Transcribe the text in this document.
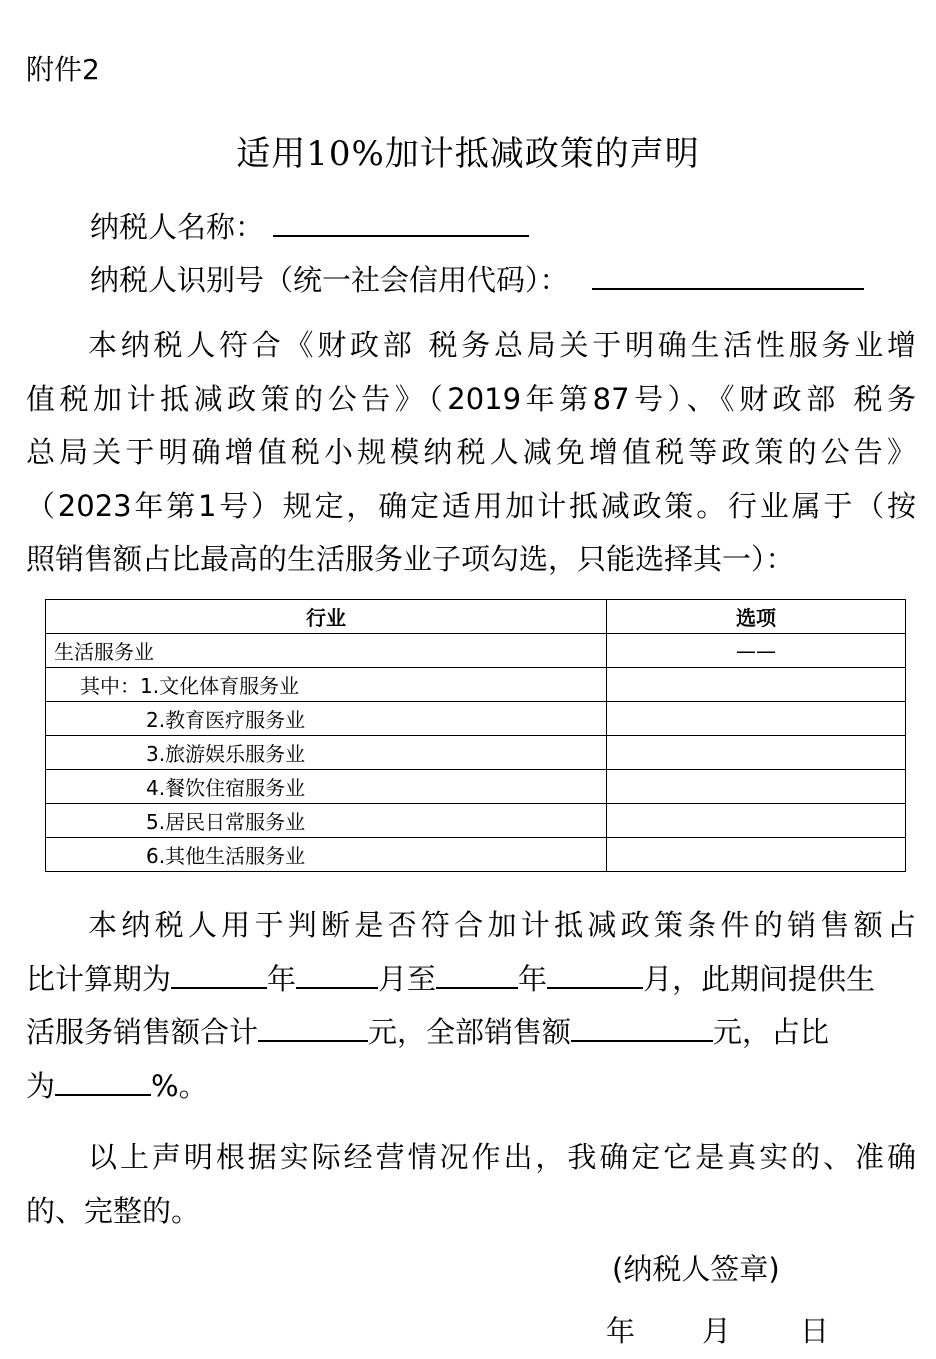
附件2
适用10%加计抵减政策的声明
纳税人名称：
纳税人识别号（统一社会信用代码）：
本纳税人符合《财政部 税务总局关于明确生活性服务业增
值税加计抵减政策的公告》（2019年第87号）、《财政部 税务
总局关于明确增值税小规模纳税人减免增值税等政策的公告》
（2023年第1号）规定，确定适用加计抵减政策。行业属于（按
照销售额占比最高的生活服务业子项勾选，只能选择其一）：
行业	选项
生活服务业	——
其中：1.文化体育服务业	
2.教育医疗服务业	
3.旅游娱乐服务业	
4.餐饮住宿服务业	
5.居民日常服务业	
6.其他生活服务业	
本纳税人用于判断是否符合加计抵减政策条件的销售额占
比计算期为	年	月至	年	月，此期间提供生
活服务销售额合计	元，全部销售额	元，占比
为	%。
以上声明根据实际经营情况作出，我确定它是真实的、准确
的、完整的。
(纳税人签章)
年 月 日
